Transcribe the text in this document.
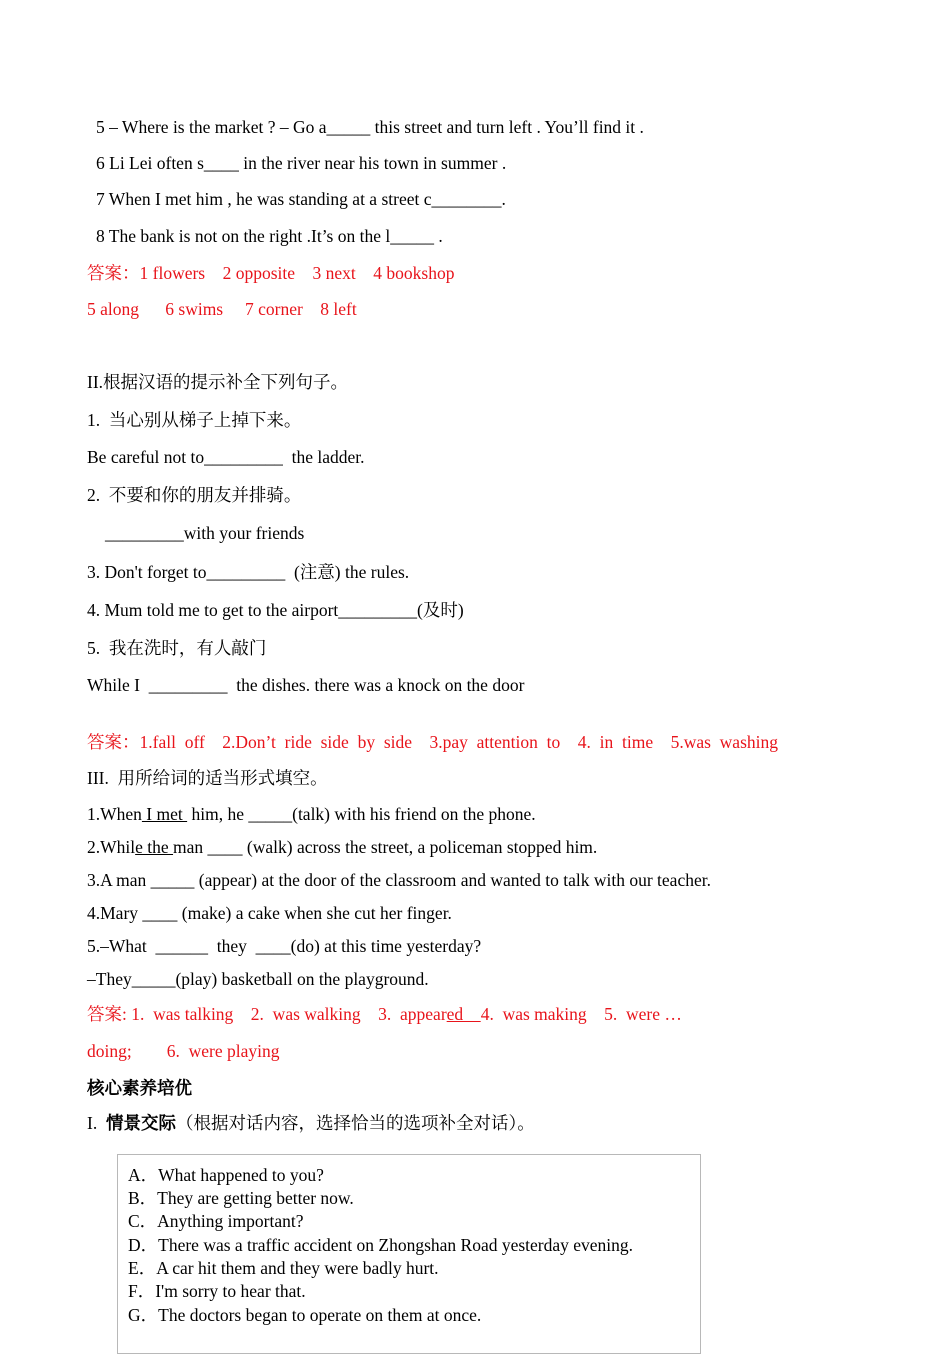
5 – Where is the market ? – Go a_____ this street and turn left . You’ll find it .
6 Li Lei often s____ in the river near his town in summer .
7 When I met him , he was standing at a street c________.
8 The bank is not on the right .It’s on the l_____ .
答案：1 flowers    2 opposite    3 next    4 bookshop
5 along      6 swims     7 corner    8 left
II.根据汉语的提示补全下列句子。
1.  当心别从梯子上掉下来。
Be careful not to_________  the ladder.
2.  不要和你的朋友并排骑。
_________with your friends
3. Don't forget to_________  (注意) the rules.
4. Mum told me to get to the airport_________(及时)
5.  我在洗时，有人敲门
While I  _________  the dishes. there was a knock on the door
答案：1.fall  off    2.Don’t  ride  side  by  side    3.pay  attention  to    4.  in  time    5.was  washing
III.  用所给词的适当形式填空。
1.When I met  him, he _____(talk) with his friend on the phone.
2.While the man ____ (walk) across the street, a policeman stopped him.
3.A man _____ (appear) at the door of the classroom and wanted to talk with our teacher.
4.Mary ____ (make) a cake when she cut her finger.
5.–What  ______  they  ____(do) at this time yesterday?
–They_____(play) basketball on the playground.
答案: 1.  was talking    2.  was walking    3.  appeared    4.  was making    5.  were …
doing;        6.  were playing
核心素养培优
I.  情景交际（根据对话内容，选择恰当的选项补全对话）。
A．What happened to you?
B．They are getting better now.
C．Anything important?
D．There was a traffic accident on Zhongshan Road yesterday evening.
E．A car hit them and they were badly hurt.
F．I'm sorry to hear that.
G．The doctors began to operate on them at once.
